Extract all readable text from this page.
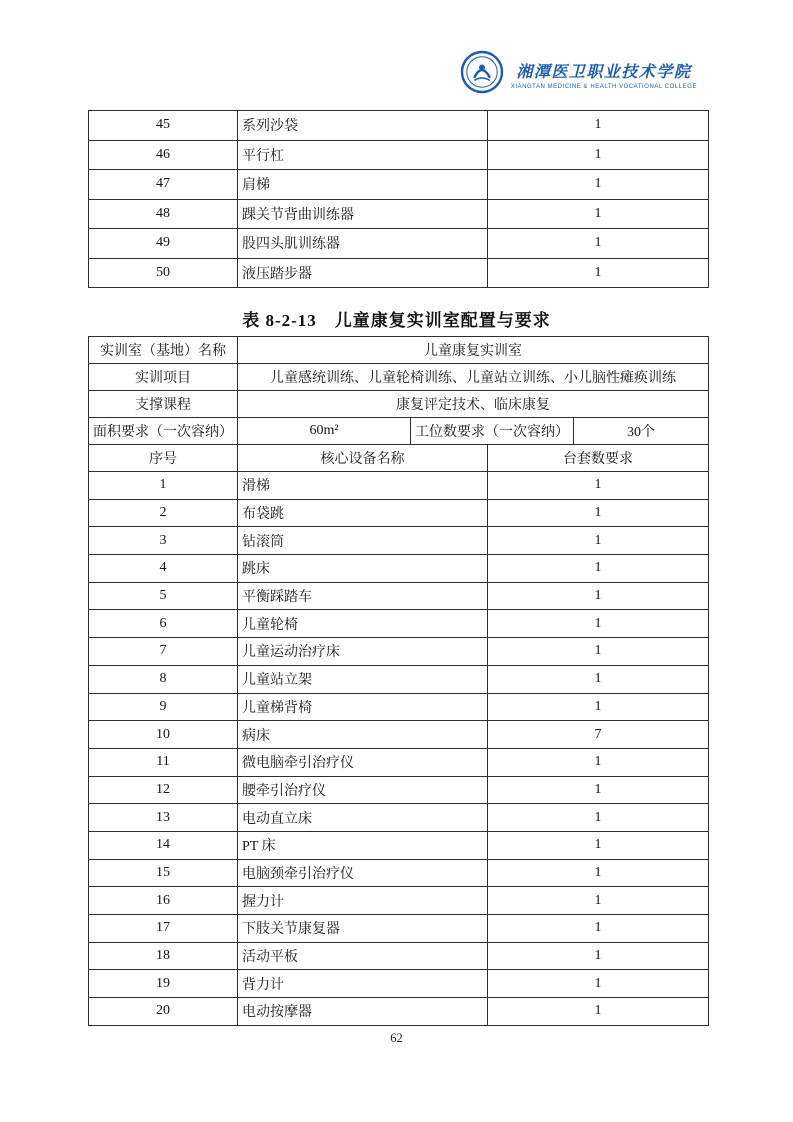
湘潭医卫职业技术学院
XIANGTAN MEDICINE & HEALTH VOCATIONAL COLLEGE
45	系列沙袋	1
46	平行杠	1
47	肩梯	1
48	踝关节背曲训练器	1
49	股四头肌训练器	1
50	液压踏步器	1
表 8-2-13　儿童康复实训室配置与要求
实训室（基地）名称	儿童康复实训室			
实训项目	儿童感统训练、儿童轮椅训练、儿童站立训练、小儿脑性瘫痪训练			
支撑课程	康复评定技术、临床康复			
面积要求（一次容纳）	60m²	工位数要求（一次容纳）		30个
序号	核心设备名称		台套数要求	
1	滑梯		1	
2	布袋跳		1	
3	钻滚筒		1	
4	跳床		1	
5	平衡踩踏车		1	
6	儿童轮椅		1	
7	儿童运动治疗床		1	
8	儿童站立架		1	
9	儿童梯背椅		1	
10	病床		7	
11	微电脑牵引治疗仪		1	
12	腰牵引治疗仪		1	
13	电动直立床		1	
14	PT 床		1	
15	电脑颈牵引治疗仪		1	
16	握力计		1	
17	下肢关节康复器		1	
18	活动平板		1	
19	背力计		1	
20	电动按摩器		1	
62
